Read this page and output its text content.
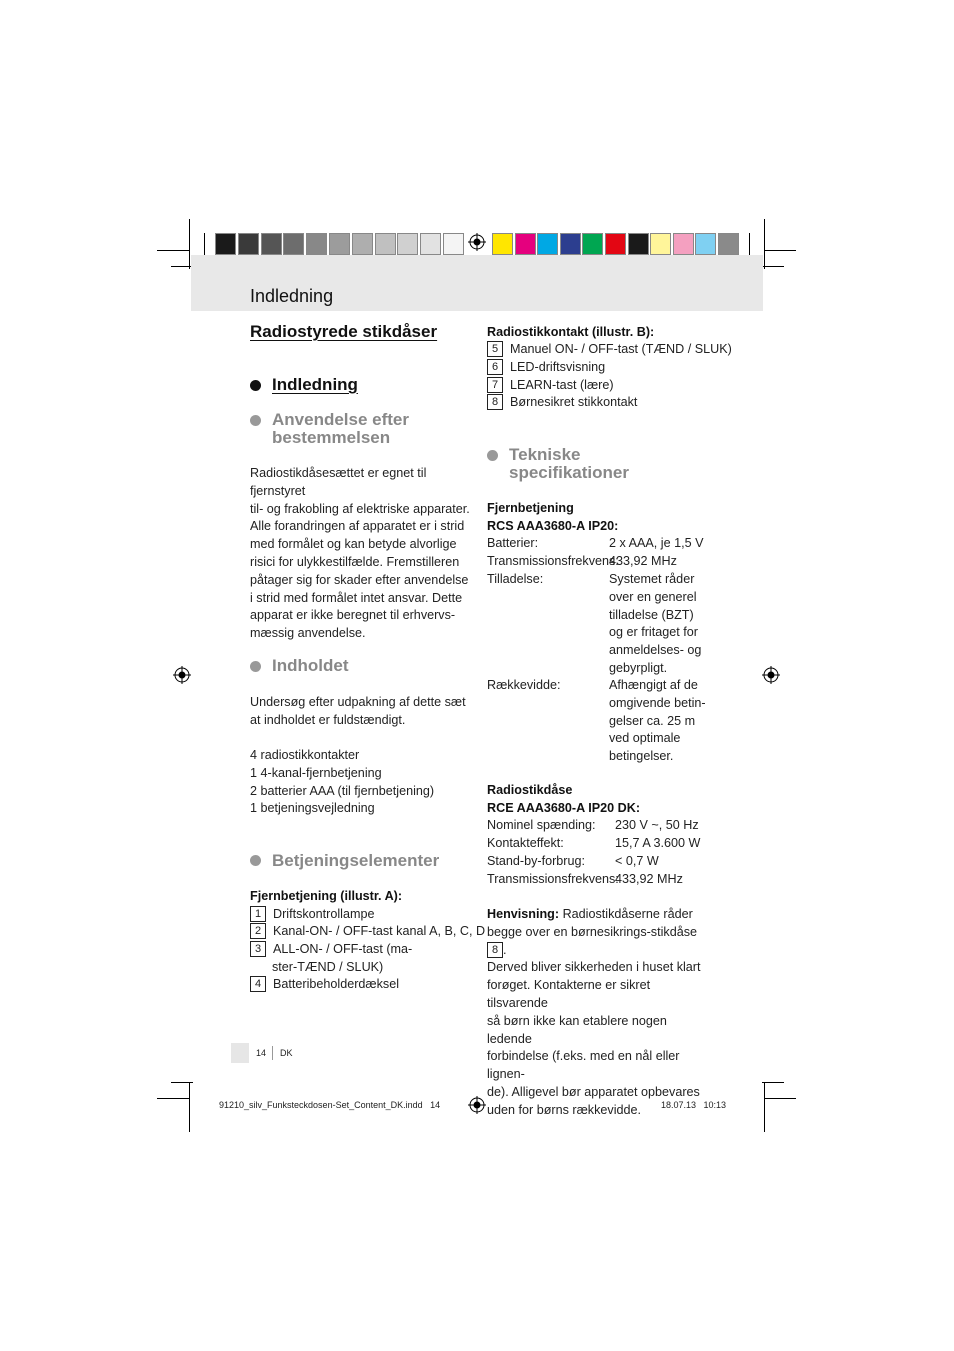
Indledning
Radiostyrede stikdåser
Indledning
Anvendelse efter
bestemmelsen
Radiostikdåsesættet er egnet til fjernstyret
til- og frakobling af elektriske apparater.
Alle forandringen af apparatet er i strid
med formålet og kan betyde alvorlige
risici for ulykkestilfælde. Fremstilleren
påtager sig for skader efter anvendelse
i strid med formålet intet ansvar. Dette
apparat er ikke beregnet til erhvervs-
mæssig anvendelse.
Indholdet
Undersøg efter udpakning af dette sæt
at indholdet er fuldstændigt.
4 radiostikkontakter
1 4-kanal-fjernbetjening
2 batterier AAA (til fjernbetjening)
1 betjeningsvejledning
Betjeningselementer
Fjernbetjening (illustr. A):
1 Driftskontrollampe
2 Kanal-ON- / OFF-tast kanal A, B, C, D
3 ALL-ON- / OFF-tast (ma-
ster-TÆND / SLUK)
4 Batteribeholderdæksel
Radiostikkontakt (illustr. B):
5 Manuel ON- / OFF-tast (TÆND / SLUK)
6 LED-driftsvisning
7 LEARN-tast (lære)
8 Børnesikret stikkontakt
Tekniske
specifikationer
Fjernbetjening
RCS AAA3680-A IP20:
Batterier:	2 x AAA, je 1,5 V
Transmissionsfrekvens:
433,92 MHz
Tilladelse:	Systemet råder
over en generel
tilladelse (BZT)
og er fritaget for
anmeldelses- og
gebyrpligt.
Rækkevidde:	Afhængigt af de
omgivende betin-
gelser ca. 25 m
ved optimale
betingelser.
Radiostikdåse
RCE AAA3680-A IP20 DK:
Nominel spænding: 230 V ~, 50 Hz
Kontakteffekt:	15,7 A 3.600 W
Stand-by-forbrug: < 0,7 W
Transmissionsfrekvens:
433,92 MHz
Henvisning: Radiostikdåserne råder
begge over en børnesikrings-stikdåse 8 .
Derved bliver sikkerheden i huset klart
forøget. Kontakterne er sikret tilsvarende
så børn ikke kan etablere nogen ledende
forbindelse (f.eks. med en nål eller lignen-
de). Alligevel bør apparatet opbevares
uden for børns rækkevidde.
14 DK
91210_silv_Funksteckdosen-Set_Content_DK.indd   14	18.07.13   10:13
